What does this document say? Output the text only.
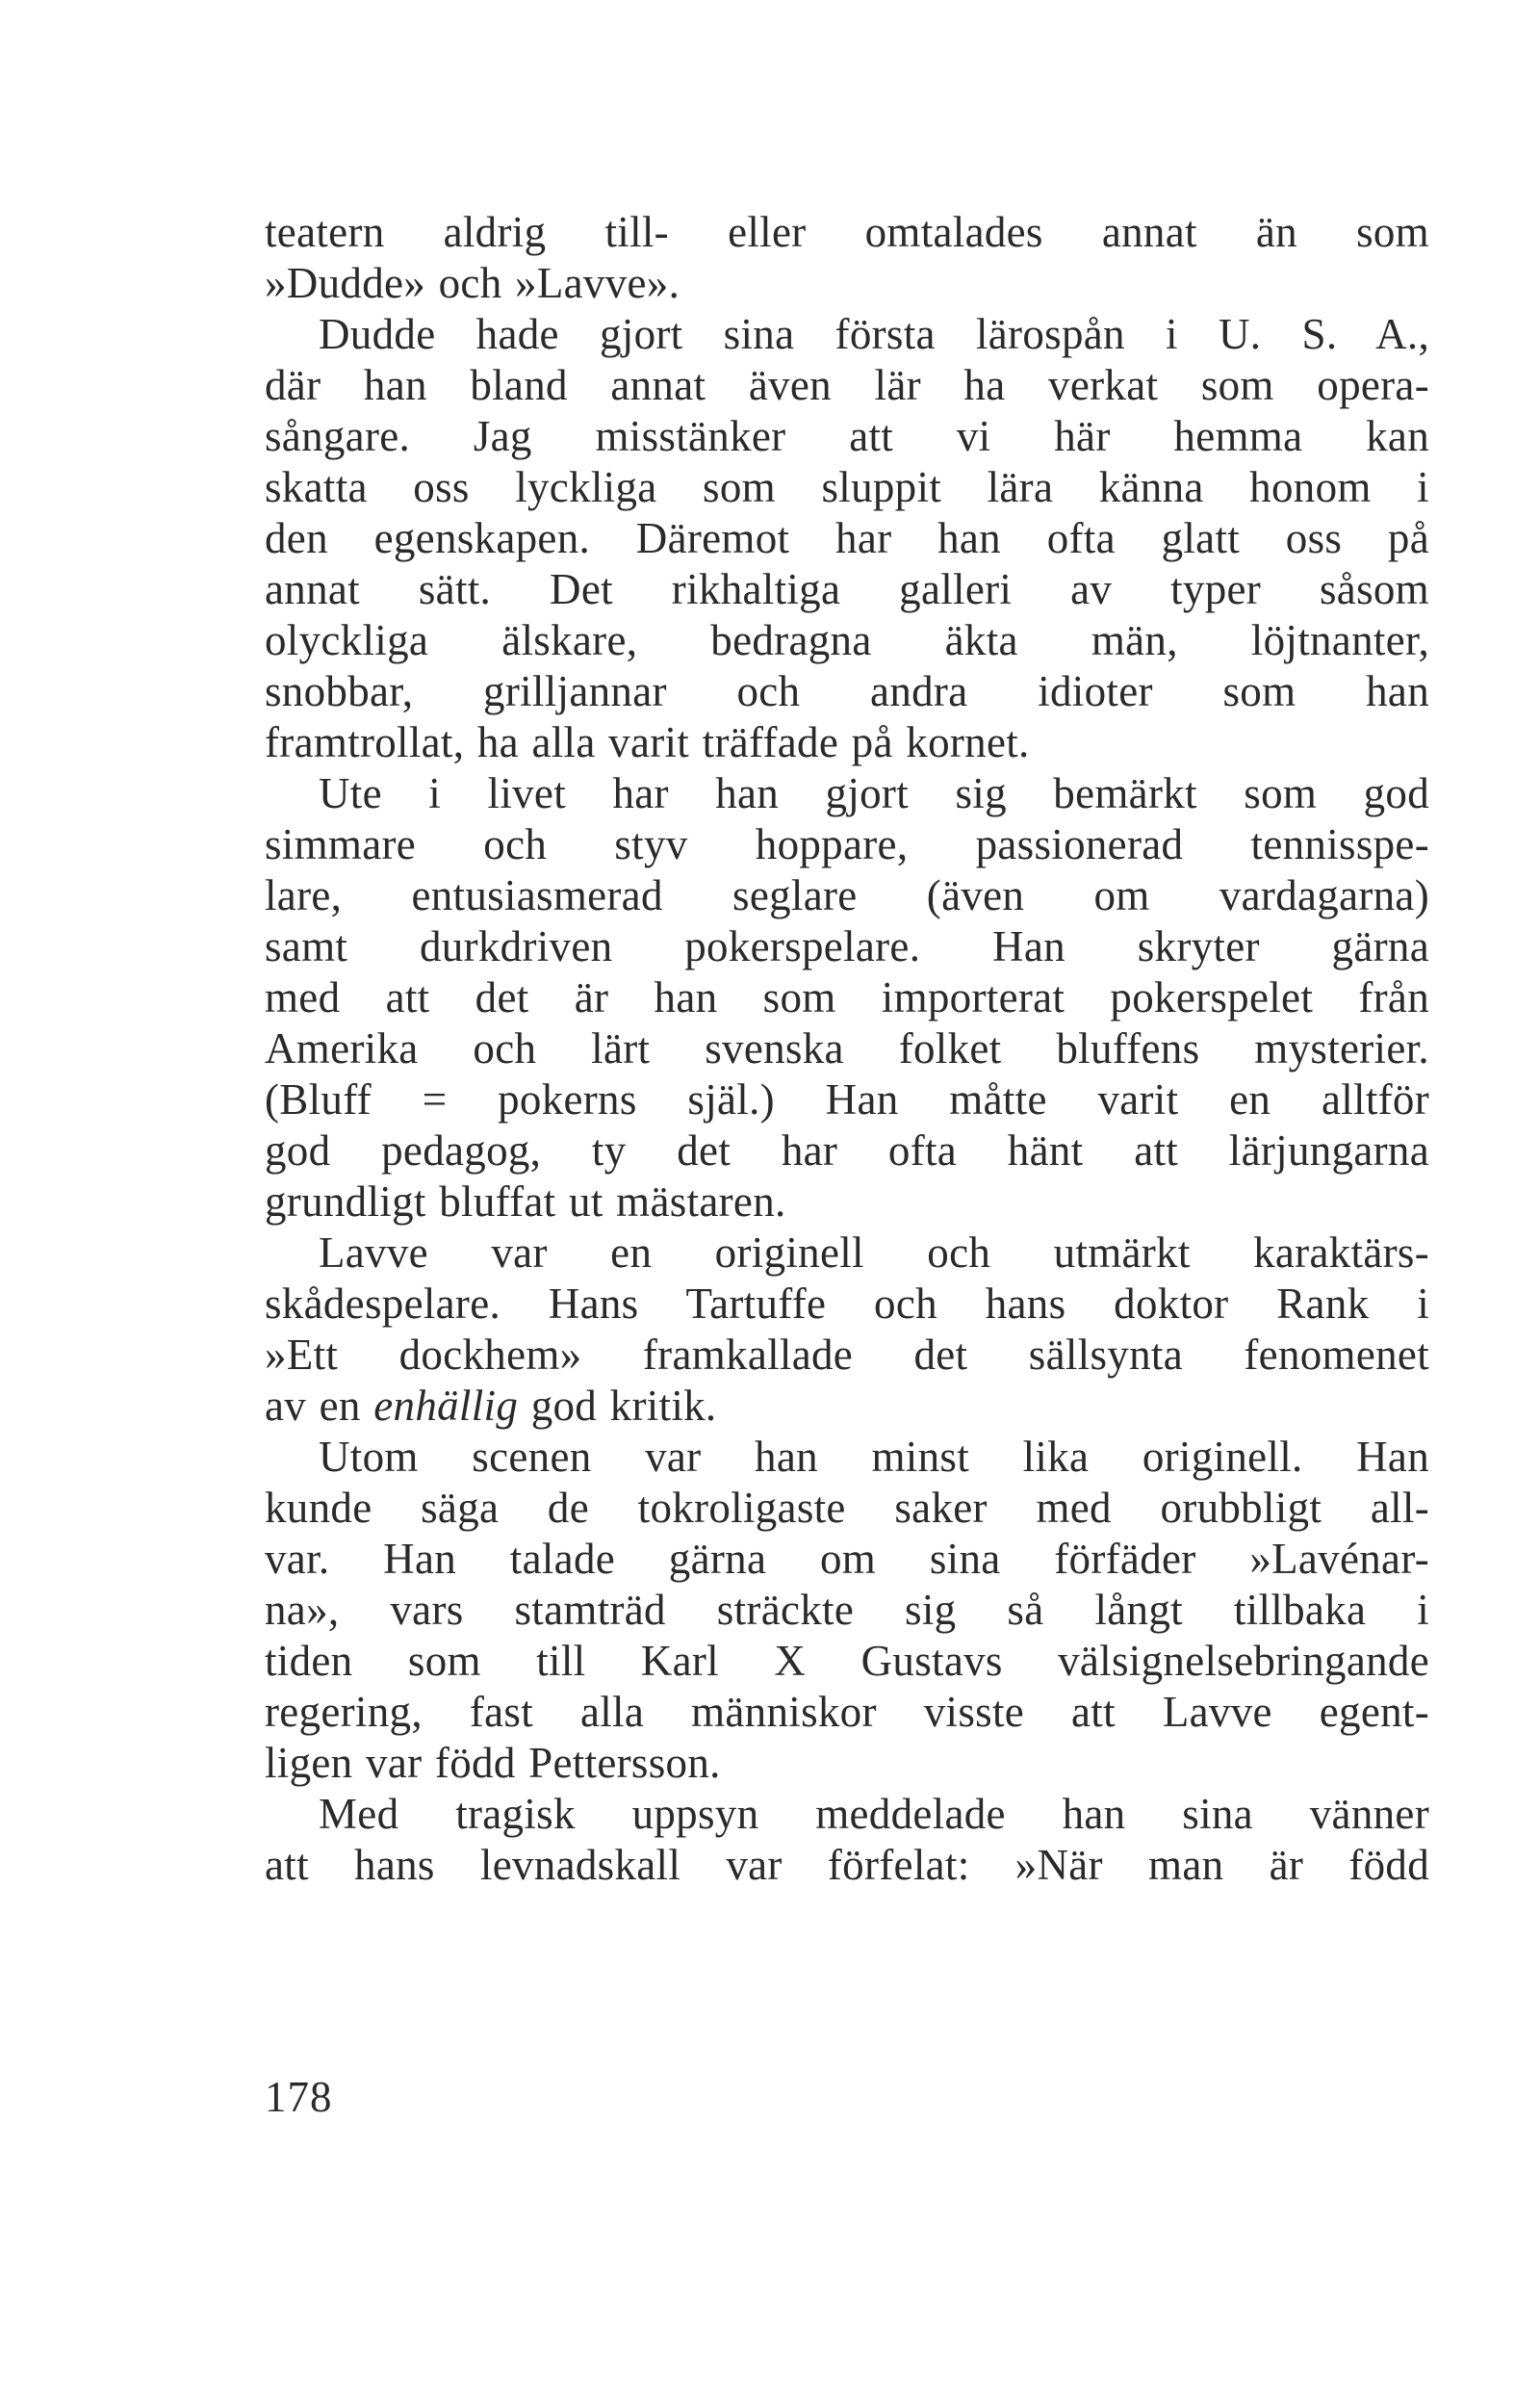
teatern aldrig till- eller omtalades annat än som
»Dudde» och »Lavve».
Dudde hade gjort sina första lärospån i U. S. A.,
där han bland annat även lär ha verkat som opera-
sångare. Jag misstänker att vi här hemma kan
skatta oss lyckliga som sluppit lära känna honom i
den egenskapen. Däremot har han ofta glatt oss på
annat sätt. Det rikhaltiga galleri av typer såsom
olyckliga älskare, bedragna äkta män, löjtnanter,
snobbar, grilljannar och andra idioter som han
framtrollat, ha alla varit träffade på kornet.
Ute i livet har han gjort sig bemärkt som god
simmare och styv hoppare, passionerad tennisspe-
lare, entusiasmerad seglare (även om vardagarna)
samt durkdriven pokerspelare. Han skryter gärna
med att det är han som importerat pokerspelet från
Amerika och lärt svenska folket bluffens mysterier.
(Bluff = pokerns själ.) Han måtte varit en alltför
god pedagog, ty det har ofta hänt att lärjungarna
grundligt bluffat ut mästaren.
Lavve var en originell och utmärkt karaktärs-
skådespelare. Hans Tartuffe och hans doktor Rank i
»Ett dockhem» framkallade det sällsynta fenomenet
av en enhällig god kritik.
Utom scenen var han minst lika originell. Han
kunde säga de tokroligaste saker med orubbligt all-
var. Han talade gärna om sina förfäder »Lavénar-
na», vars stamträd sträckte sig så långt tillbaka i
tiden som till Karl X Gustavs välsignelsebringande
regering, fast alla människor visste att Lavve egent-
ligen var född Pettersson.
Med tragisk uppsyn meddelade han sina vänner
att hans levnadskall var förfelat: »När man är född
178
